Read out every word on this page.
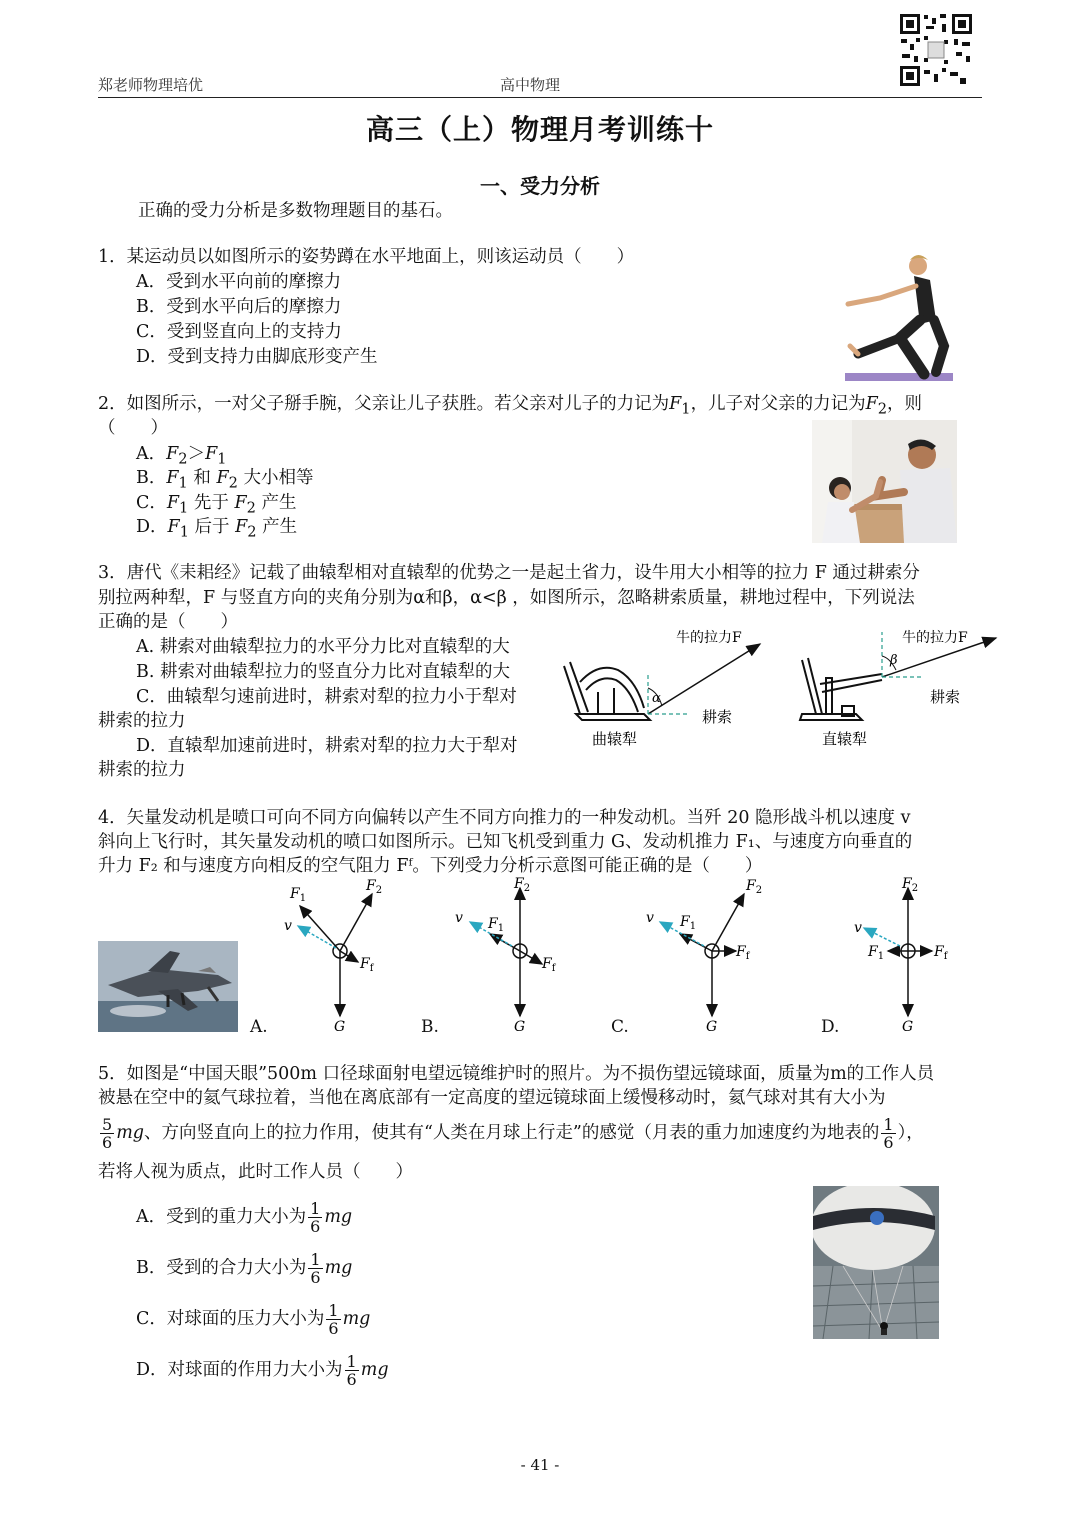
郑老师物理培优	高中物理
高三（上）物理月考训练十
一、受力分析
正确的受力分析是多数物理题目的基石。
1．某运动员以如图所示的姿势蹲在水平地面上，则该运动员（　　）
A．受到水平向前的摩擦力
B．受到水平向后的摩擦力
C．受到竖直向上的支持力
D．受到支持力由脚底形变产生
2．如图所示，一对父子掰手腕，父亲让儿子获胜。若父亲对儿子的力记为$F_1$，儿子对父亲的力记为$F_2$，则
（　　）
A．$F_2>F_1$
B．$F_1$ 和 $F_2$ 大小相等
C．$F_1$ 先于 $F_2$ 产生
D．$F_1$ 后于 $F_2$ 产生
3．唐代《耒耜经》记载了曲辕犁相对直辕犁的优势之一是起土省力，设牛用大小相等的拉力 F 通过耕索分
别拉两种犁，F 与竖直方向的夹角分别为α和β，α<β ，如图所示，忽略耕索质量，耕地过程中，下列说法
正确的是（　　）
A. 耕索对曲辕犁拉力的水平分力比对直辕犁的大
B. 耕索对曲辕犁拉力的竖直分力比对直辕犁的大
C．曲辕犁匀速前进时，耕索对犁的拉力小于犁对
耕索的拉力
D．直辕犁加速前进时，耕索对犁的拉力大于犁对
耕索的拉力
α
牛的拉力F
耕索
曲辕犁
β
牛的拉力F
耕索
直辕犁
4．矢量发动机是喷口可向不同方向偏转以产生不同方向推力的一种发动机。当歼 20 隐形战斗机以速度 v
斜向上飞行时，其矢量发动机的喷口如图所示。已知飞机受到重力 G、发动机推力 F₁、与速度方向垂直的
升力 F₂ 和与速度方向相反的空气阻力 Fᶠ。下列受力分析示意图可能正确的是（　　）
$F_1$
$F_2$
v
$F_f$
G
$F_2$
$F_1$
v
$F_f$
G
$F_2$
$F_1$
v
$F_f$
G
$F_2$
$F_1$
v
$F_f$
G
A.	B.	C.	D.
5．如图是“中国天眼”500m 口径球面射电望远镜维护时的照片。为不损伤望远镜球面，质量为m的工作人员
被悬在空中的氦气球拉着，当他在离底部有一定高度的望远镜球面上缓慢移动时，氦气球对其有大小为
$\frac{5}{6}$ mg、方向竖直向上的拉力作用，使其有“人类在月球上行走”的感觉（月表的重力加速度约为地表的 $\frac{1}{6}$ ），
若将人视为质点，此时工作人员（　　）
A．受到的重力大小为 $\frac{1}{6}$ mg
B．受到的合力大小为 $\frac{1}{6}$ mg
C．对球面的压力大小为 $\frac{1}{6}$ mg
D．对球面的作用力大小为 $\frac{1}{6}$ mg
- 41 -
